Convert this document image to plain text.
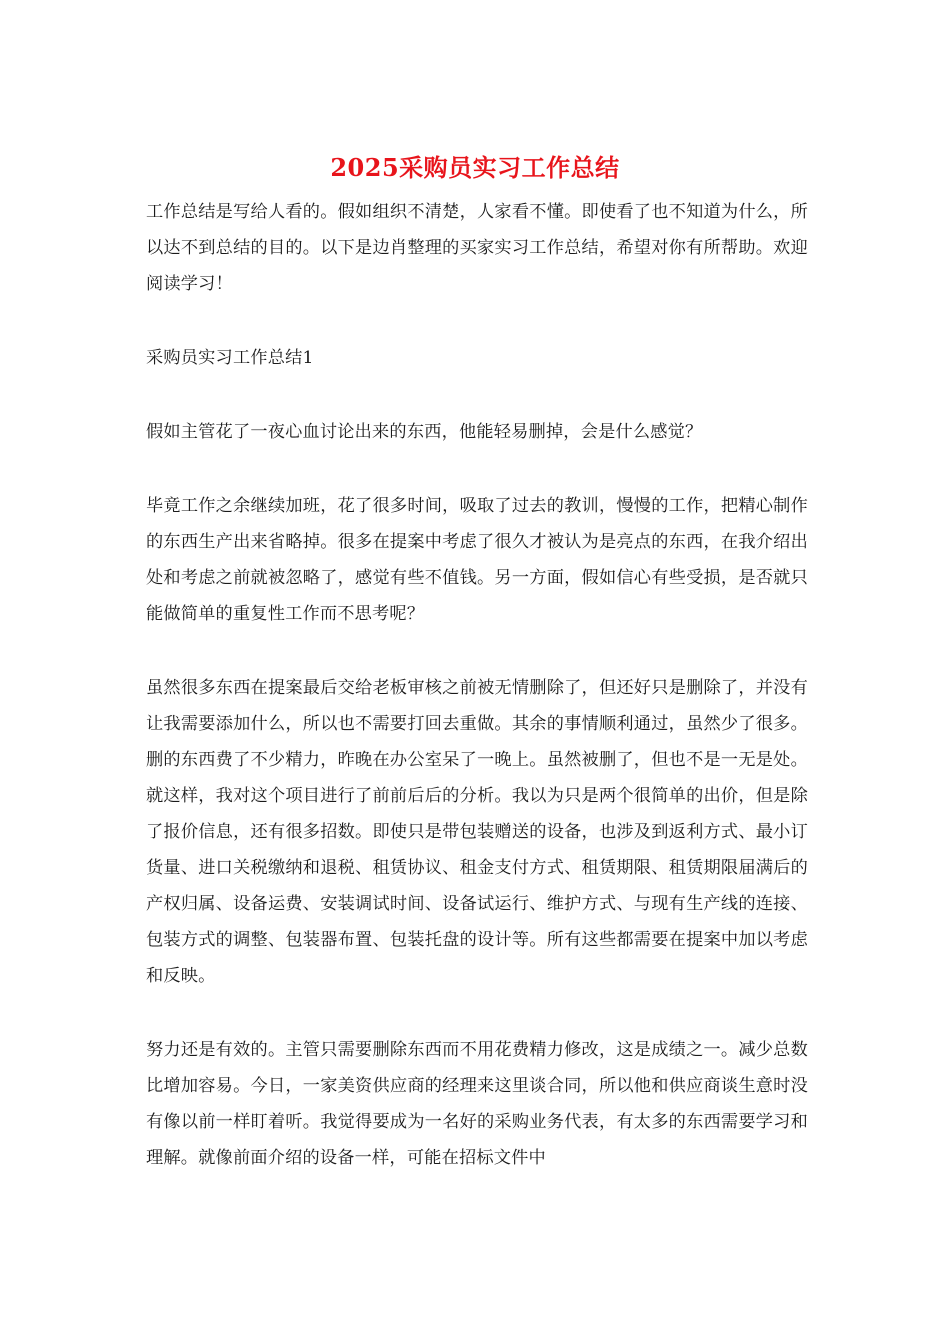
2025采购员实习工作总结

工作总结是写给人看的。假如组织不清楚，人家看不懂。即使看了也不知道为什么，所以达不到总结的目的。以下是边肖整理的买家实习工作总结，希望对你有所帮助。欢迎阅读学习！

采购员实习工作总结1

假如主管花了一夜心血讨论出来的东西，他能轻易删掉，会是什么感觉？

毕竟工作之余继续加班，花了很多时间，吸取了过去的教训，慢慢的工作，把精心制作的东西生产出来省略掉。很多在提案中考虑了很久才被认为是亮点的东西，在我介绍出处和考虑之前就被忽略了，感觉有些不值钱。另一方面，假如信心有些受损，是否就只能做简单的重复性工作而不思考呢？

虽然很多东西在提案最后交给老板审核之前被无情删除了，但还好只是删除了，并没有让我需要添加什么，所以也不需要打回去重做。其余的事情顺利通过，虽然少了很多。删的东西费了不少精力，昨晚在办公室呆了一晚上。虽然被删了，但也不是一无是处。就这样，我对这个项目进行了前前后后的分析。我以为只是两个很简单的出价，但是除了报价信息，还有很多招数。即使只是带包装赠送的设备，也涉及到返利方式、最小订货量、进口关税缴纳和退税、租赁协议、租金支付方式、租赁期限、租赁期限届满后的产权归属、设备运费、安装调试时间、设备试运行、维护方式、与现有生产线的连接、包装方式的调整、包装器布置、包装托盘的设计等。所有这些都需要在提案中加以考虑和反映。

努力还是有效的。主管只需要删除东西而不用花费精力修改，这是成绩之一。减少总数比增加容易。今日，一家美资供应商的经理来这里谈合同，所以他和供应商谈生意时没有像以前一样盯着听。我觉得要成为一名好的采购业务代表，有太多的东西需要学习和理解。就像前面介绍的设备一样，可能在招标文件中
